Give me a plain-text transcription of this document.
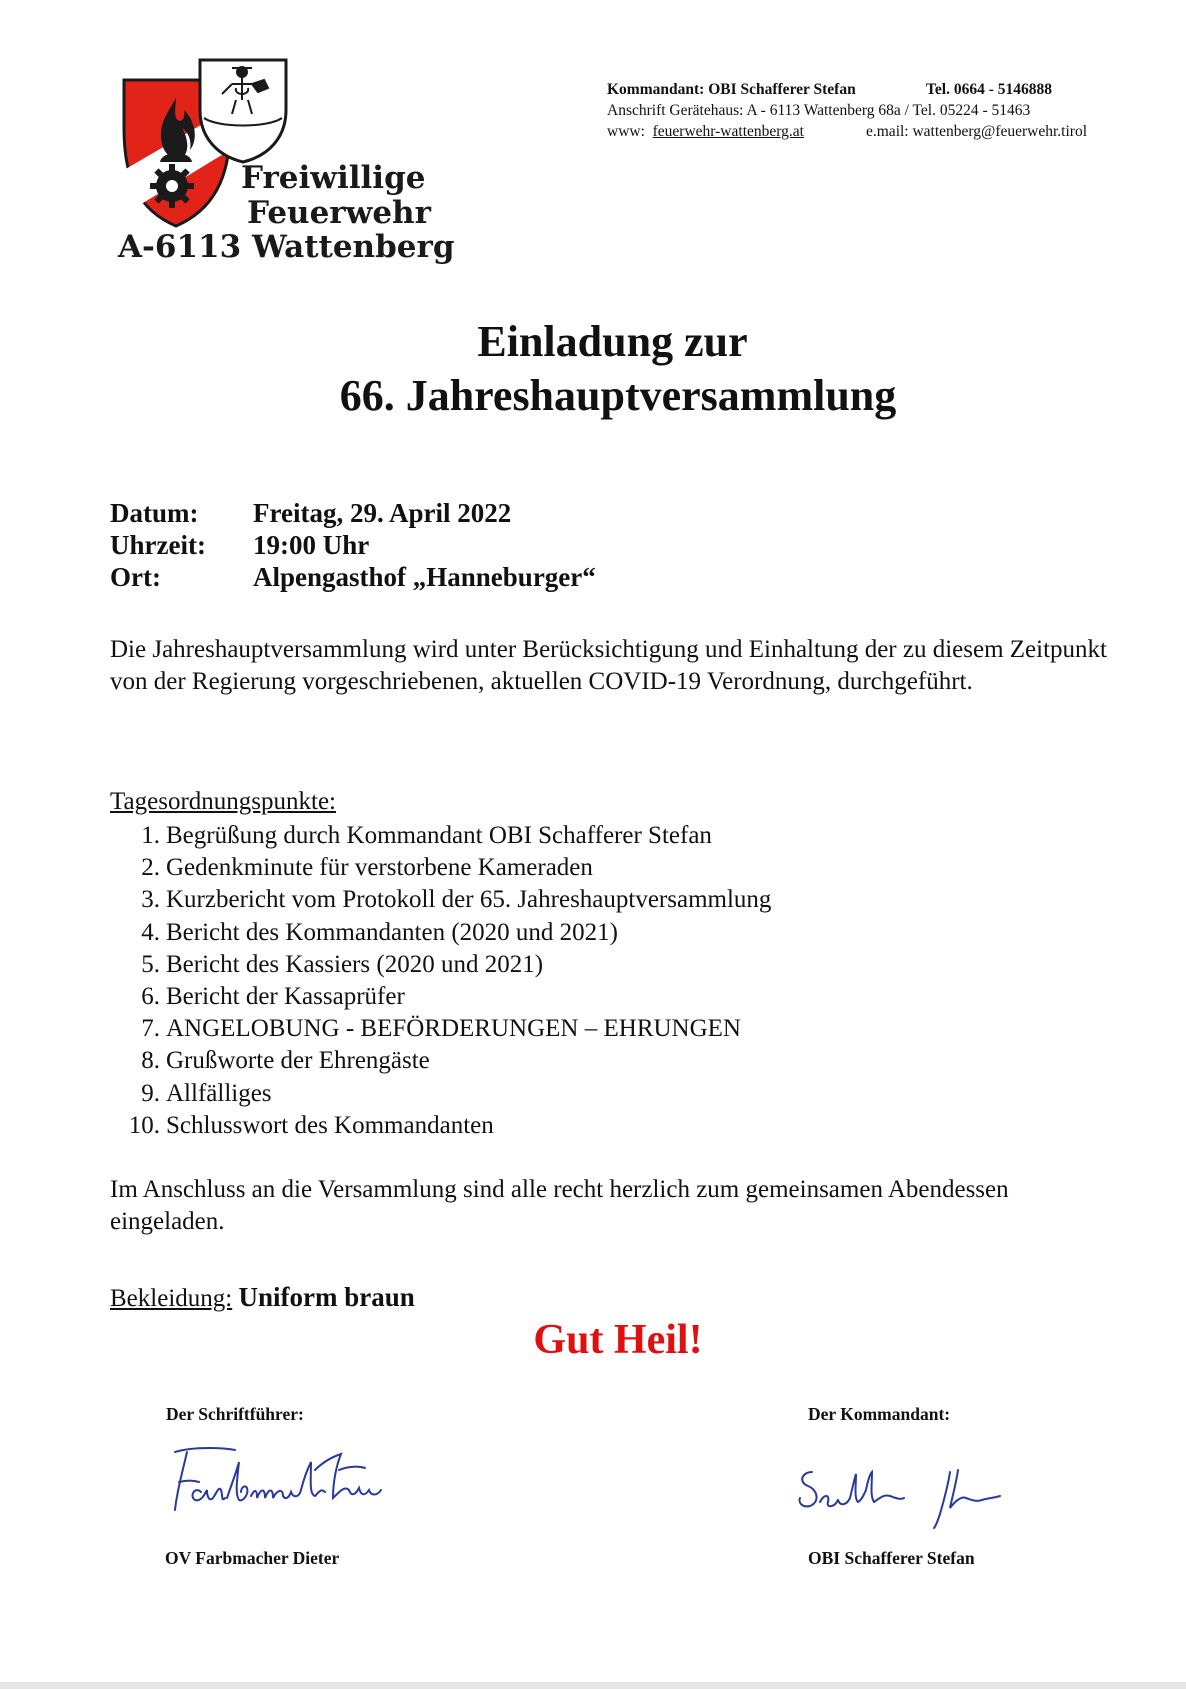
Freiwillige
Feuerwehr
A-6113 Wattenberg
Kommandant: OBI Schafferer Stefan	Tel. 0664 - 5146888
Anschrift Gerätehaus: A - 6113 Wattenberg 68a / Tel. 05224 - 51463
www: feuerwehr-wattenberg.at	e.mail: wattenberg@feuerwehr.tirol
Einladung zur
66. Jahreshauptversammlung
Datum: Freitag, 29. April 2022
Uhrzeit: 19:00 Uhr
Ort:	Alpengasthof „Hanneburger“
Die Jahreshauptversammlung wird unter Berücksichtigung und Einhaltung der zu diesem Zeitpunkt von der Regierung vorgeschriebenen, aktuellen COVID-19 Verordnung, durchgeführt.
Tagesordnungspunkte:
1. Begrüßung durch Kommandant OBI Schafferer Stefan
2. Gedenkminute für verstorbene Kameraden
3. Kurzbericht vom Protokoll der 65. Jahreshauptversammlung
4. Bericht des Kommandanten (2020 und 2021)
5. Bericht des Kassiers (2020 und 2021)
6. Bericht der Kassaprüfer
7. ANGELOBUNG - BEFÖRDERUNGEN – EHRUNGEN
8. Grußworte der Ehrengäste
9. Allfälliges
10. Schlusswort des Kommandanten
Im Anschluss an die Versammlung sind alle recht herzlich zum gemeinsamen Abendessen eingeladen.
Bekleidung: Uniform braun
Gut Heil!
Der Schriftführer:	Der Kommandant:
OV Farbmacher Dieter	OBI Schafferer Stefan
